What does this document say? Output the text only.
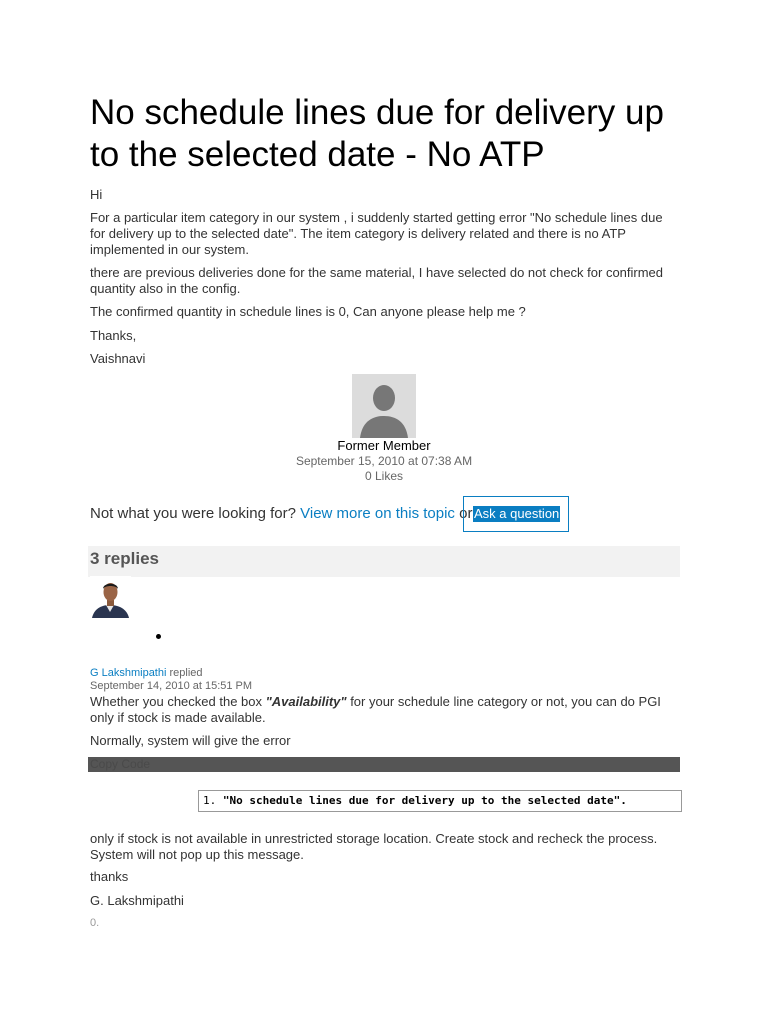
No schedule lines due for delivery up to the selected date - No ATP

Hi

For a particular item category in our system , i suddenly started getting error "No schedule lines due for delivery up to the selected date". The item category is delivery related and there is no ATP implemented in our system.

there are previous deliveries done for the same material, I have selected do not check for confirmed quantity also in the config.

The confirmed quantity in schedule lines is 0, Can anyone please help me ?

Thanks,

Vaishnavi

Former Member
September 15, 2010 at 07:38 AM
0 Likes
Not what you were looking for? View more on this topic or Ask a question
3 replies
G Lakshmipathi replied
September 14, 2010 at 15:51 PM

Whether you checked the box "Availability" for your schedule line category or not, you can do PGI only if stock is made available.

Normally, system will give the error

Copy Code
1. "No schedule lines due for delivery up to the selected date".

only if stock is not available in unrestricted storage location. Create stock and recheck the process. System will not pop up this message.

thanks

G. Lakshmipathi

0.
